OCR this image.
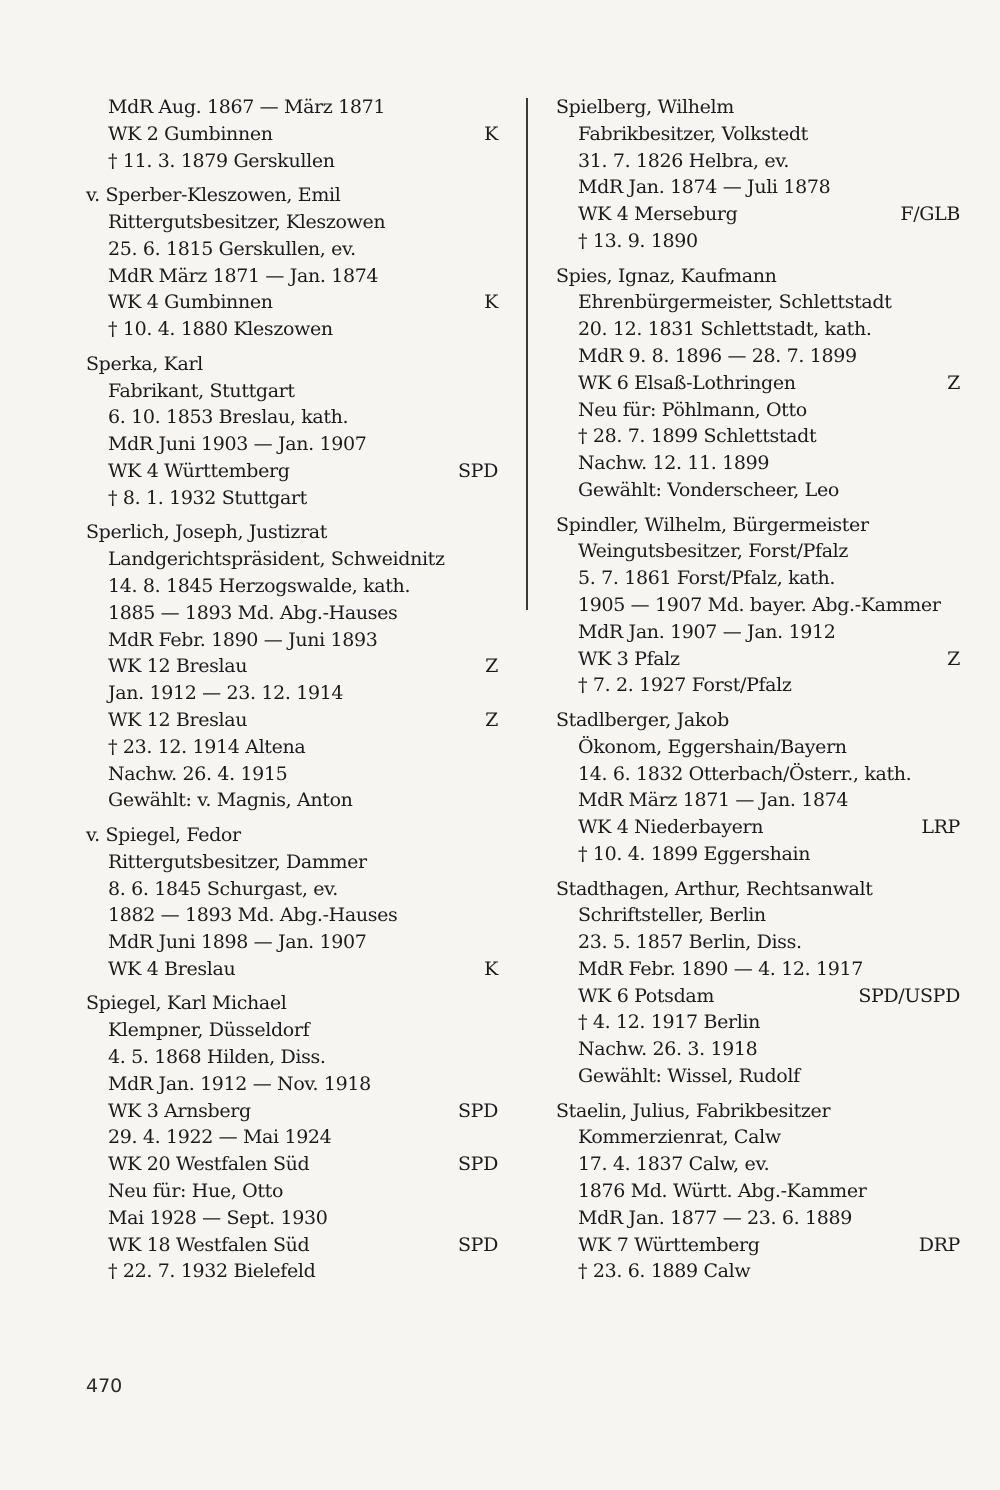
MdR Aug. 1867 — März 1871
WK 2 Gumbinnen	K
† 11. 3. 1879 Gerskullen
v. Sperber-Kleszowen, Emil
Rittergutsbesitzer, Kleszowen
25. 6. 1815 Gerskullen, ev.
MdR März 1871 — Jan. 1874
WK 4 Gumbinnen	K
† 10. 4. 1880 Kleszowen
Sperka, Karl
Fabrikant, Stuttgart
6. 10. 1853 Breslau, kath.
MdR Juni 1903 — Jan. 1907
WK 4 Württemberg	SPD
† 8. 1. 1932 Stuttgart
Sperlich, Joseph, Justizrat
Landgerichtspräsident, Schweidnitz
14. 8. 1845 Herzogswalde, kath.
1885 — 1893 Md. Abg.-Hauses
MdR Febr. 1890 — Juni 1893
WK 12 Breslau	Z
Jan. 1912 — 23. 12. 1914
WK 12 Breslau	Z
† 23. 12. 1914 Altena
Nachw. 26. 4. 1915
Gewählt: v. Magnis, Anton
v. Spiegel, Fedor
Rittergutsbesitzer, Dammer
8. 6. 1845 Schurgast, ev.
1882 — 1893 Md. Abg.-Hauses
MdR Juni 1898 — Jan. 1907
WK 4 Breslau	K
Spiegel, Karl Michael
Klempner, Düsseldorf
4. 5. 1868 Hilden, Diss.
MdR Jan. 1912 — Nov. 1918
WK 3 Arnsberg	SPD
29. 4. 1922 — Mai 1924
WK 20 Westfalen Süd	SPD
Neu für: Hue, Otto
Mai 1928 — Sept. 1930
WK 18 Westfalen Süd	SPD
† 22. 7. 1932 Bielefeld
Spielberg, Wilhelm
Fabrikbesitzer, Volkstedt
31. 7. 1826 Helbra, ev.
MdR Jan. 1874 — Juli 1878
WK 4 Merseburg	F/GLB
† 13. 9. 1890
Spies, Ignaz, Kaufmann
Ehrenbürgermeister, Schlettstadt
20. 12. 1831 Schlettstadt, kath.
MdR 9. 8. 1896 — 28. 7. 1899
WK 6 Elsaß-Lothringen	Z
Neu für: Pöhlmann, Otto
† 28. 7. 1899 Schlettstadt
Nachw. 12. 11. 1899
Gewählt: Vonderscheer, Leo
Spindler, Wilhelm, Bürgermeister
Weingutsbesitzer, Forst/Pfalz
5. 7. 1861 Forst/Pfalz, kath.
1905 — 1907 Md. bayer. Abg.-Kammer
MdR Jan. 1907 — Jan. 1912
WK 3 Pfalz	Z
† 7. 2. 1927 Forst/Pfalz
Stadlberger, Jakob
Ökonom, Eggershain/Bayern
14. 6. 1832 Otterbach/Österr., kath.
MdR März 1871 — Jan. 1874
WK 4 Niederbayern	LRP
† 10. 4. 1899 Eggershain
Stadthagen, Arthur, Rechtsanwalt
Schriftsteller, Berlin
23. 5. 1857 Berlin, Diss.
MdR Febr. 1890 — 4. 12. 1917
WK 6 Potsdam	SPD/USPD
† 4. 12. 1917 Berlin
Nachw. 26. 3. 1918
Gewählt: Wissel, Rudolf
Staelin, Julius, Fabrikbesitzer
Kommerzienrat, Calw
17. 4. 1837 Calw, ev.
1876 Md. Württ. Abg.-Kammer
MdR Jan. 1877 — 23. 6. 1889
WK 7 Württemberg	DRP
† 23. 6. 1889 Calw
470
